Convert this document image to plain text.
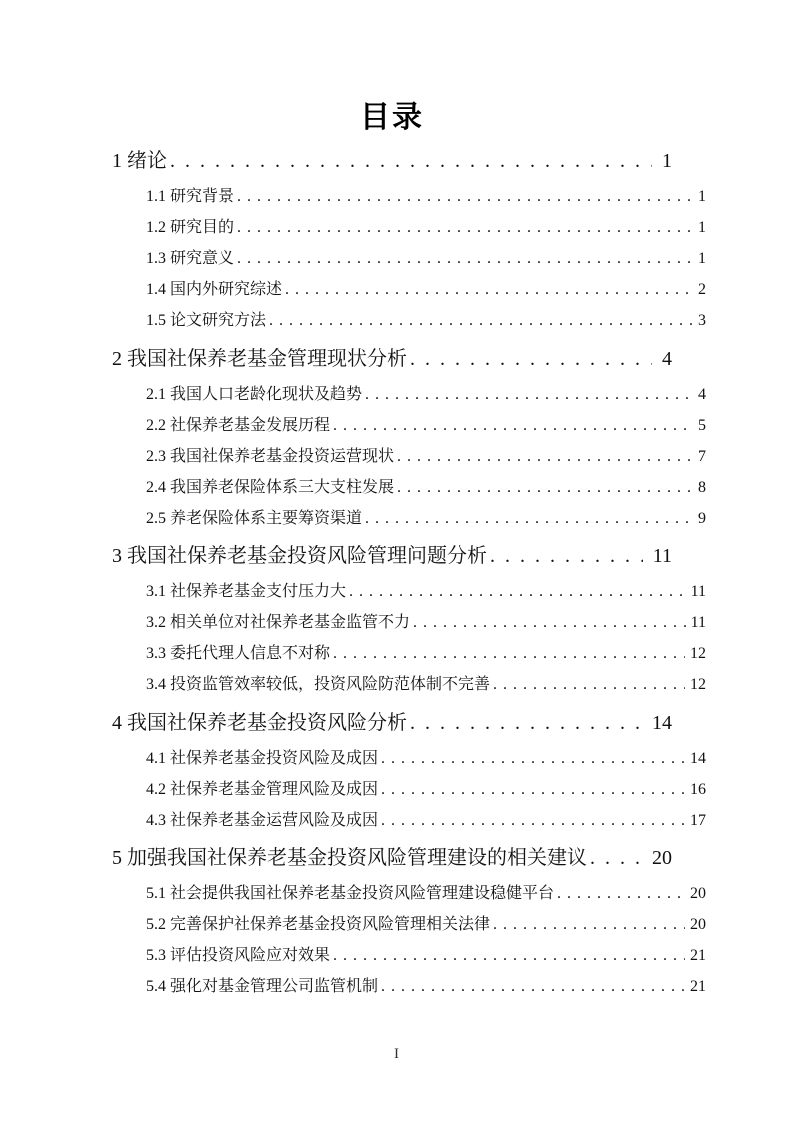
目录
1 绪论 . . .	1
1.1 研究背景 . . .	1
1.2 研究目的 . . .	1
1.3 研究意义 . . .	1
1.4 国内外研究综述 . . .	2
1.5 论文研究方法 . . .	3
2 我国社保养老基金管理现状分析 . . .	4
2.1 我国人口老龄化现状及趋势 . . .	4
2.2 社保养老基金发展历程 . . .	5
2.3 我国社保养老基金投资运营现状 . . .	7
2.4 我国养老保险体系三大支柱发展 . . .	8
2.5 养老保险体系主要筹资渠道 . . .	9
3 我国社保养老基金投资风险管理问题分析 . . .	11
3.1 社保养老基金支付压力大 . . .	11
3.2 相关单位对社保养老基金监管不力 . . .	11
3.3 委托代理人信息不对称 . . .	12
3.4 投资监管效率较低，投资风险防范体制不完善 . . .	12
4 我国社保养老基金投资风险分析 . . .	14
4.1 社保养老基金投资风险及成因 . . .	14
4.2 社保养老基金管理风险及成因 . . .	16
4.3 社保养老基金运营风险及成因 . . .	17
5 加强我国社保养老基金投资风险管理建设的相关建议 . . .	20
5.1 社会提供我国社保养老基金投资风险管理建设稳健平台 . . .	20
5.2 完善保护社保养老基金投资风险管理相关法律 . . .	20
5.3 评估投资风险应对效果 . . .	21
5.4 强化对基金管理公司监管机制 . . .	21
I
